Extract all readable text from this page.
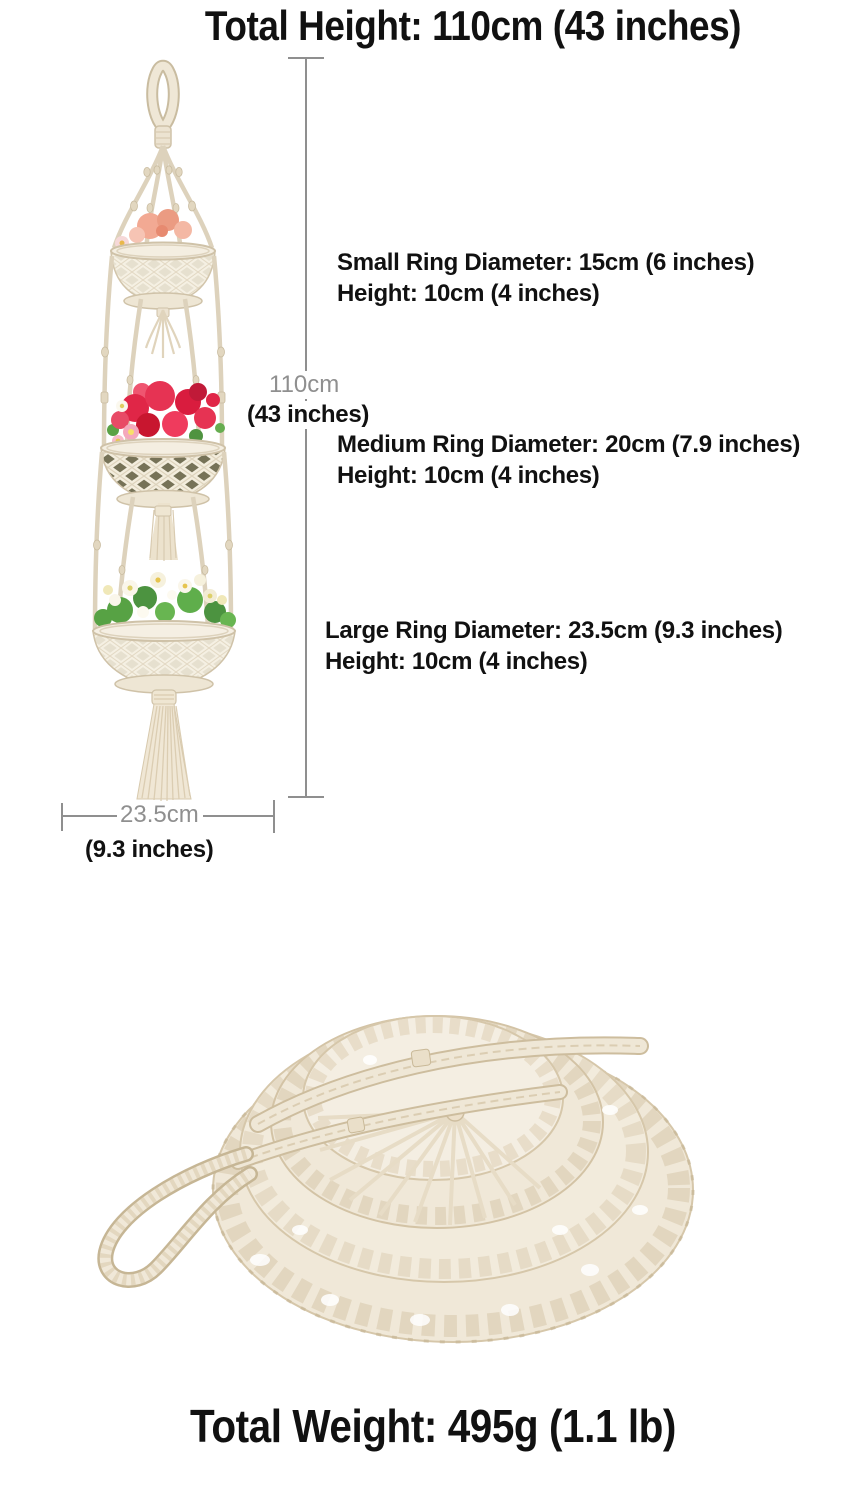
Total Height: 110cm (43 inches)
Small Ring Diameter: 15cm (6 inches)
Height: 10cm (4 inches)
110cm
(43 inches)
Medium Ring Diameter: 20cm (7.9 inches)
Height: 10cm (4 inches)
Large Ring Diameter: 23.5cm (9.3 inches)
Height: 10cm (4 inches)
23.5cm
(9.3 inches)
Total Weight: 495g (1.1 lb)
